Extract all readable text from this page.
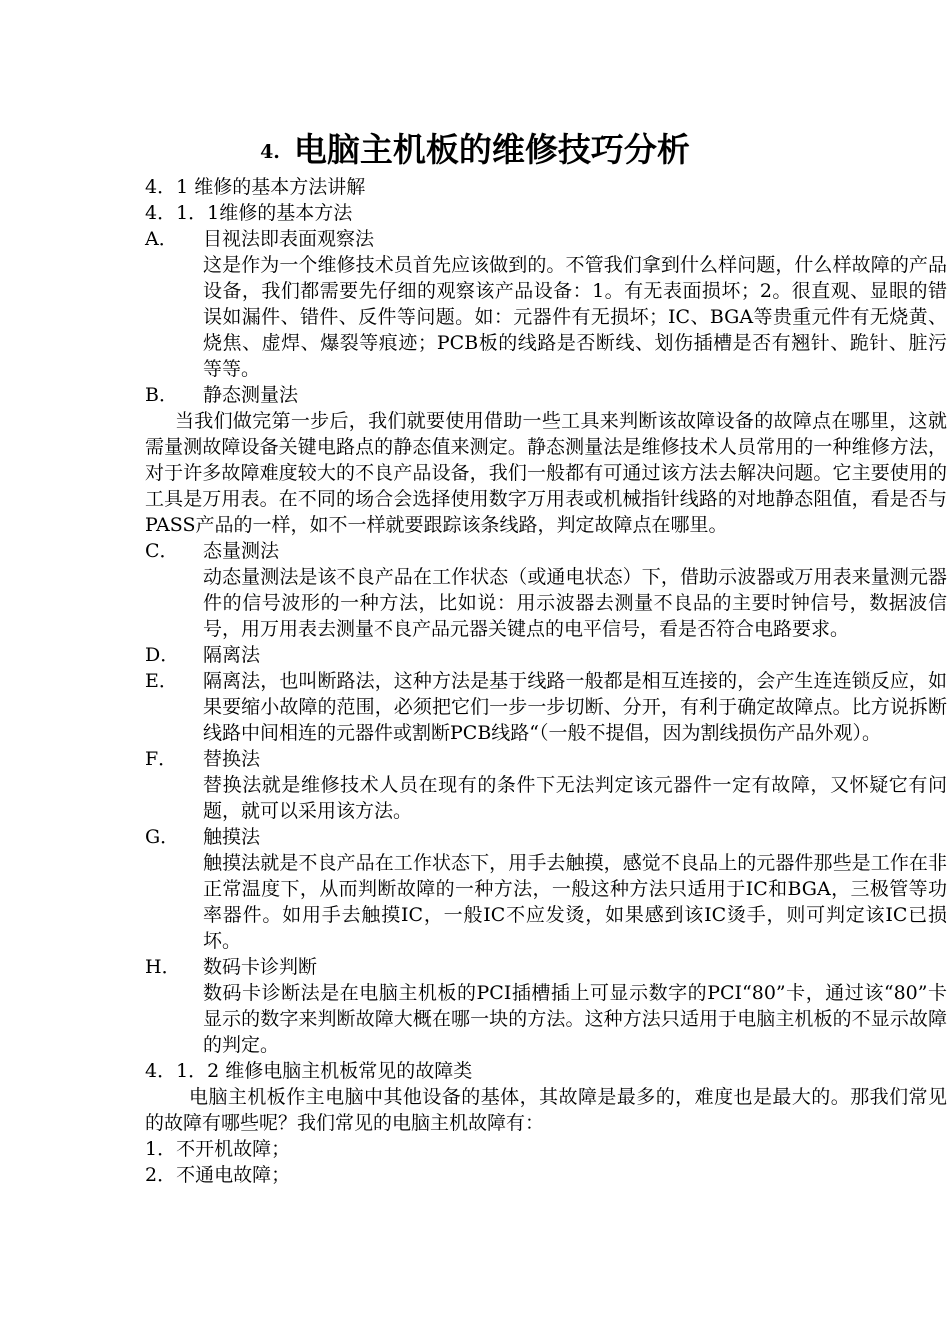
4. 电脑主机板的维修技巧分析
4．1 维修的基本方法讲解
4．1．1维修的基本方法
A． 目视法即表面观察法
这是作为一个维修技术员首先应该做到的。不管我们拿到什么样问题，什么样故障的产品设备，我们都需要先仔细的观察该产品设备：1。有无表面损坏；2。很直观、显眼的错误如漏件、错件、反件等问题。如：元器件有无损坏；IC、BGA等贵重元件有无烧黄、烧焦、虚焊、爆裂等痕迹；PCB板的线路是否断线、划伤插槽是否有翘针、跪针、脏污等等。
B． 静态测量法
当我们做完第一步后，我们就要使用借助一些工具来判断该故障设备的故障点在哪里，这就需量测故障设备关键电路点的静态值来测定。静态测量法是维修技术人员常用的一种维修方法，对于许多故障难度较大的不良产品设备，我们一般都有可通过该方法去解决问题。它主要使用的工具是万用表。在不同的场合会选择使用数字万用表或机械指针线路的对地静态阻值，看是否与PASS产品的一样，如不一样就要跟踪该条线路，判定故障点在哪里。
C． 态量测法
动态量测法是该不良产品在工作状态（或通电状态）下，借助示波器或万用表来量测元器件的信号波形的一种方法，比如说：用示波器去测量不良品的主要时钟信号，数据波信号，用万用表去测量不良产品元器关键点的电平信号，看是否符合电路要求。
D． 隔离法
E．	隔离法，也叫断路法，这种方法是基于线路一般都是相互连接的，会产生连连锁反应，如果要缩小故障的范围，必须把它们一步一步切断、分开，有利于确定故障点。比方说拆断线路中间相连的元器件或割断PCB线路“（一般不提倡，因为割线损伤产品外观）。
F． 替换法
替换法就是维修技术人员在现有的条件下无法判定该元器件一定有故障，又怀疑它有问题，就可以采用该方法。
G． 触摸法
触摸法就是不良产品在工作状态下，用手去触摸，感觉不良品上的元器件那些是工作在非正常温度下，从而判断故障的一种方法，一般这种方法只适用于IC和BGA，三极管等功率器件。如用手去触摸IC，一般IC不应发烫，如果感到该IC烫手，则可判定该IC已损坏。
H． 数码卡诊判断
数码卡诊断法是在电脑主机板的PCI插槽插上可显示数字的PCI“80”卡，通过该“80”卡显示的数字来判断故障大概在哪一块的方法。这种方法只适用于电脑主机板的不显示故障的判定。
4．1．2 维修电脑主机板常见的故障类
电脑主机板作主电脑中其他设备的基体，其故障是最多的，难度也是最大的。那我们常见的故障有哪些呢？我们常见的电脑主机故障有：
1．不开机故障；
2．不通电故障；
